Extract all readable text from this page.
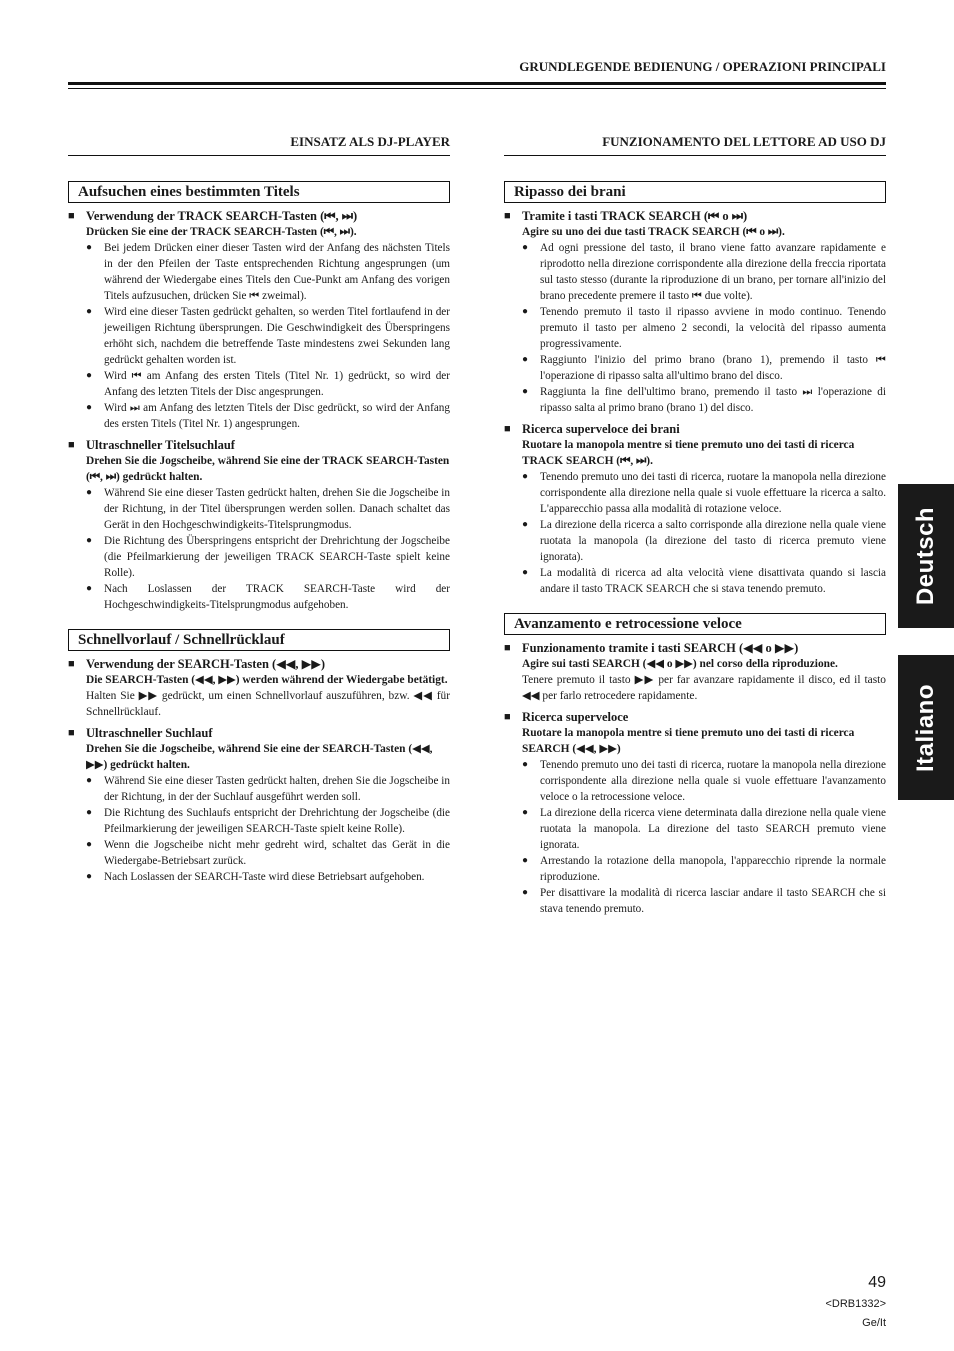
GRUNDLEGENDE BEDIENUNG / OPERAZIONI PRINCIPALI
EINSATZ ALS DJ-PLAYER
Aufsuchen eines bestimmten Titels
■ Verwendung der TRACK SEARCH-Tasten (⏮, ⏭)
Drücken Sie eine der TRACK SEARCH-Tasten (⏮, ⏭).
● Bei jedem Drücken einer dieser Tasten wird der Anfang des nächsten Titels in der den Pfeilen der Taste entsprechenden Richtung angesprungen (um während der Wiedergabe eines Titels den Cue-Punkt am Anfang des vorigen Titels aufzusuchen, drücken Sie ⏮ zweimal).
● Wird eine dieser Tasten gedrückt gehalten, so werden Titel fortlaufend in der jeweiligen Richtung übersprungen. Die Geschwindigkeit des Überspringens erhöht sich, nachdem die betreffende Taste mindestens zwei Sekunden lang gedrückt gehalten worden ist.
● Wird ⏮ am Anfang des ersten Titels (Titel Nr. 1) gedrückt, so wird der Anfang des letzten Titels der Disc angesprungen.
● Wird ⏭ am Anfang des letzten Titels der Disc gedrückt, so wird der Anfang des ersten Titels (Titel Nr. 1) angesprungen.
■ Ultraschneller Titelsuchlauf
Drehen Sie die Jogscheibe, während Sie eine der TRACK SEARCH-Tasten (⏮, ⏭) gedrückt halten.
● Während Sie eine dieser Tasten gedrückt halten, drehen Sie die Jogscheibe in der Richtung, in der Titel übersprungen werden sollen. Danach schaltet das Gerät in den Hochgeschwindigkeits-Titelsprungmodus.
● Die Richtung des Überspringens entspricht der Drehrichtung der Jogscheibe (die Pfeilmarkierung der jeweiligen TRACK SEARCH-Taste spielt keine Rolle).
● Nach Loslassen der TRACK SEARCH-Taste wird der Hochgeschwindigkeits-Titelsprungmodus aufgehoben.
Schnellvorlauf / Schnellrücklauf
■ Verwendung der SEARCH-Tasten (◀◀, ▶▶)
Die SEARCH-Tasten (◀◀, ▶▶) werden während der Wiedergabe betätigt.
Halten Sie ▶▶ gedrückt, um einen Schnellvorlauf auszuführen, bzw. ◀◀ für Schnellrücklauf.
■ Ultraschneller Suchlauf
Drehen Sie die Jogscheibe, während Sie eine der SEARCH-Tasten (◀◀, ▶▶) gedrückt halten.
● Während Sie eine dieser Tasten gedrückt halten, drehen Sie die Jogscheibe in der Richtung, in der der Suchlauf ausgeführt werden soll.
● Die Richtung des Suchlaufs entspricht der Drehrichtung der Jogscheibe (die Pfeilmarkierung der jeweiligen SEARCH-Taste spielt keine Rolle).
● Wenn die Jogscheibe nicht mehr gedreht wird, schaltet das Gerät in die Wiedergabe-Betriebsart zurück.
● Nach Loslassen der SEARCH-Taste wird diese Betriebsart aufgehoben.
FUNZIONAMENTO DEL LETTORE AD USO DJ
Ripasso dei brani
■ Tramite i tasti TRACK SEARCH (⏮ o ⏭)
Agire su uno dei due tasti TRACK SEARCH (⏮ o ⏭).
● Ad ogni pressione del tasto, il brano viene fatto avanzare rapidamente e riprodotto nella direzione corrispondente alla direzione della freccia riportata sul tasto stesso (durante la riproduzione di un brano, per tornare all'inizio del brano precedente premere il tasto ⏮ due volte).
● Tenendo premuto il tasto il ripasso avviene in modo continuo. Tenendo premuto il tasto per almeno 2 secondi, la velocità del ripasso aumenta progressivamente.
● Raggiunto l'inizio del primo brano (brano 1), premendo il tasto ⏮ l'operazione di ripasso salta all'ultimo brano del disco.
● Raggiunta la fine dell'ultimo brano, premendo il tasto ⏭ l'operazione di ripasso salta al primo brano (brano 1) del disco.
■ Ricerca superveloce dei brani
Ruotare la manopola mentre si tiene premuto uno dei tasti di ricerca TRACK SEARCH (⏮, ⏭).
● Tenendo premuto uno dei tasti di ricerca, ruotare la manopola nella direzione corrispondente alla direzione nella quale si vuole effettuare la ricerca a salto. L'apparecchio passa alla modalità di rotazione veloce.
● La direzione della ricerca a salto corrisponde alla direzione nella quale viene ruotata la manopola (la direzione del tasto di ricerca premuto viene ignorata).
● La modalità di ricerca ad alta velocità viene disattivata quando si lascia andare il tasto TRACK SEARCH che si stava tenendo premuto.
Avanzamento e retrocessione veloce
■ Funzionamento tramite i tasti SEARCH (◀◀ o ▶▶)
Agire sui tasti SEARCH (◀◀ o ▶▶) nel corso della riproduzione.
Tenere premuto il tasto ▶▶ per far avanzare rapidamente il disco, ed il tasto ◀◀ per farlo retrocedere rapidamente.
■ Ricerca superveloce
Ruotare la manopola mentre si tiene premuto uno dei tasti di ricerca SEARCH (◀◀, ▶▶)
● Tenendo premuto uno dei tasti di ricerca, ruotare la manopola nella direzione corrispondente alla direzione nella quale si vuole effettuare l'avanzamento veloce o la retrocessione veloce.
● La direzione della ricerca viene determinata dalla direzione nella quale viene ruotata la manopola. La direzione del tasto SEARCH premuto viene ignorata.
● Arrestando la rotazione della manopola, l'apparecchio riprende la normale riproduzione.
● Per disattivare la modalità di ricerca lasciar andare il tasto SEARCH che si stava tenendo premuto.
Deutsch
Italiano
49
<DRB1332>
Ge/It
